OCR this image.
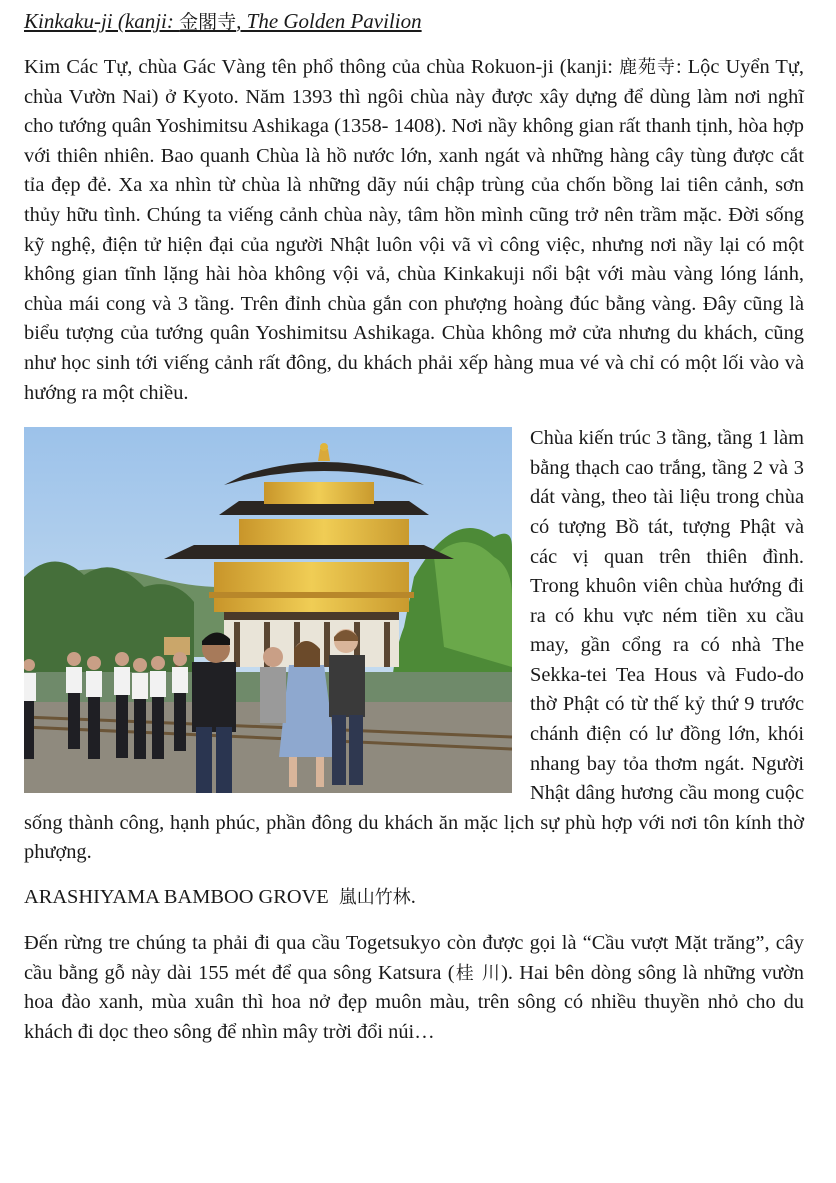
Kinkaku-ji (kanji: 金閣寺, The Golden Pavilion

Kim Các Tự, chùa Gác Vàng tên phổ thông của chùa Rokuon-ji (kanji: 鹿苑寺: Lộc Uyển Tự, chùa Vườn Nai) ở Kyoto. Năm 1393 thì ngôi chùa này được xây dựng để dùng làm nơi nghĩ cho tướng quân Yoshimitsu Ashikaga (1358- 1408). Nơi nầy không gian rất thanh tịnh, hòa hợp với thiên nhiên. Bao quanh Chùa là hồ nước lớn, xanh ngát và những hàng cây tùng được cắt tỉa đẹp đẻ. Xa xa nhìn từ chùa là những dãy núi chập trùng của chốn bồng lai tiên cảnh, sơn thủy hữu tình. Chúng ta viếng cảnh chùa này, tâm hồn mình cũng trở nên trầm mặc. Đời sống kỹ nghệ, điện tử hiện đại của người Nhật luôn vội vã vì công việc, nhưng nơi nầy lại có một không gian tĩnh lặng hài hòa không vội vả, chùa Kinkakuji nổi bật với màu vàng lóng lánh, chùa mái cong và 3 tầng. Trên đỉnh chùa gắn con phượng hoàng đúc bằng vàng. Đây cũng là biểu tượng của tướng quân Yoshimitsu Ashikaga. Chùa không mở cửa nhưng du khách, cũng như học sinh tới viếng cảnh rất đông, du khách phải xếp hàng mua vé và chỉ có một lối vào và hướng ra một chiều.

Chùa kiến trúc 3 tầng, tầng 1 làm bằng thạch cao trắng, tầng 2 và 3 dát vàng, theo tài liệu trong chùa có tượng Bồ tát, tượng Phật và các vị quan trên thiên đình. Trong khuôn viên chùa hướng đi ra có khu vực ném tiền xu cầu may, gần cổng ra có nhà The Sekka-tei Tea Hous và Fudo-do thờ Phật có từ thế kỷ thứ 9 trước chánh điện có lư đồng lớn, khói nhang bay tỏa thơm ngát. Người Nhật dâng hương cầu mong cuộc sống thành công, hạnh phúc, phần đông du khách ăn mặc lịch sự phù hợp với nơi tôn kính thờ phượng.

ARASHIYAMA BAMBOO GROVE 嵐山竹林.

Đến rừng tre chúng ta phải đi qua cầu Togetsukyo còn được gọi là “Cầu vượt Mặt trăng”, cây cầu bằng gỗ này dài 155 mét để qua sông Katsura (桂 川). Hai bên dòng sông là những vườn hoa đào xanh, mùa xuân thì hoa nở đẹp muôn màu, trên sông có nhiều thuyền nhỏ cho du khách đi dọc theo sông để nhìn mây trời đổi núi…
